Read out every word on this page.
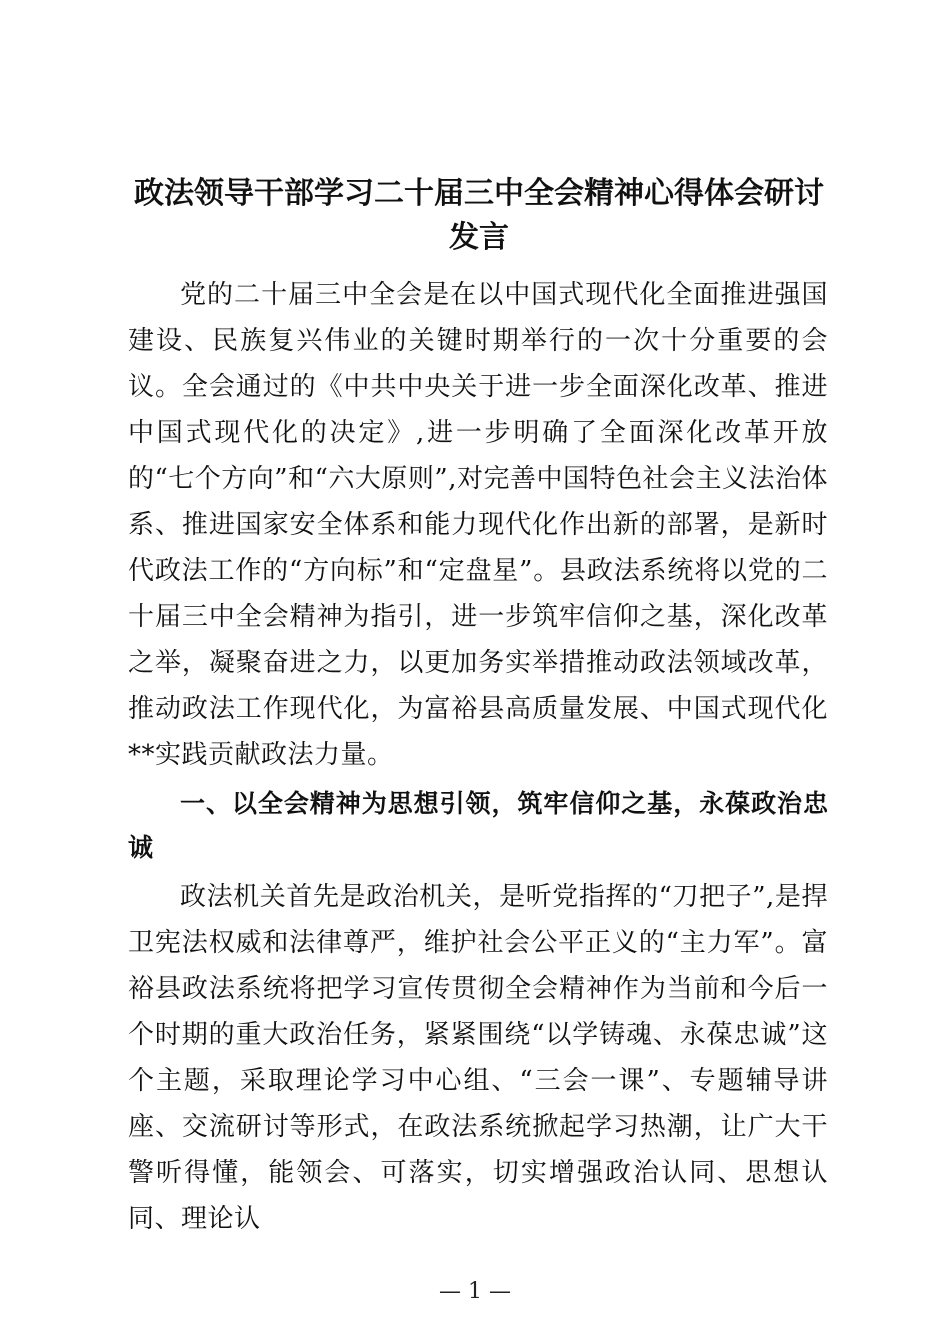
政法领导干部学习二十届三中全会精神心得体会研讨发言

党的二十届三中全会是在以中国式现代化全面推进强国建设、民族复兴伟业的关键时期举行的一次十分重要的会议。全会通过的《中共中央关于进一步全面深化改革、推进中国式现代化的决定》,进一步明确了全面深化改革开放的“七个方向”和“六大原则”,对完善中国特色社会主义法治体系、推进国家安全体系和能力现代化作出新的部署，是新时代政法工作的“方向标”和“定盘星”。县政法系统将以党的二十届三中全会精神为指引，进一步筑牢信仰之基，深化改革之举，凝聚奋进之力，以更加务实举措推动政法领域改革，推动政法工作现代化，为富裕县高质量发展、中国式现代化**实践贡献政法力量。

一、以全会精神为思想引领，筑牢信仰之基，永葆政治忠诚

政法机关首先是政治机关，是听党指挥的“刀把子”,是捍卫宪法权威和法律尊严，维护社会公平正义的“主力军”。富裕县政法系统将把学习宣传贯彻全会精神作为当前和今后一个时期的重大政治任务，紧紧围绕“以学铸魂、永葆忠诚”这个主题，采取理论学习中心组、“三会一课”、专题辅导讲座、交流研讨等形式，在政法系统掀起学习热潮，让广大干警听得懂，能领会、可落实，切实增强政治认同、思想认同、理论认

— 1 —
